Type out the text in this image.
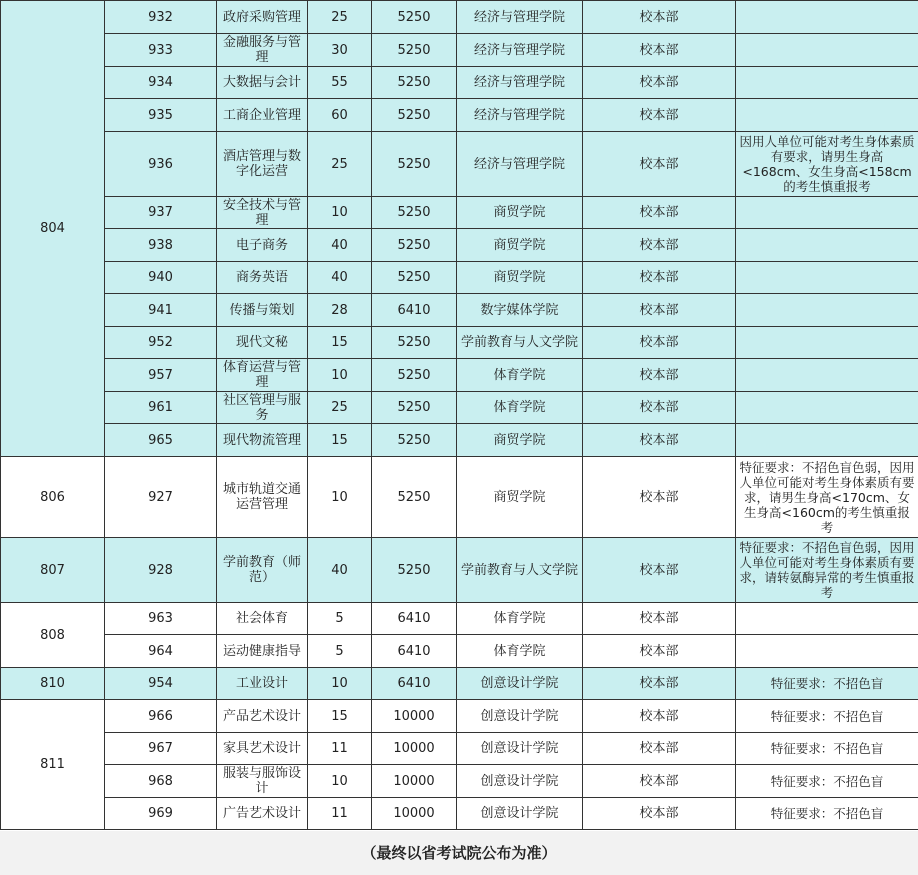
804	932	政府采购管理	25	5250	经济与管理学院	校本部	
	933	金融服务与管理	30	5250	经济与管理学院	校本部	
	934	大数据与会计	55	5250	经济与管理学院	校本部	
	935	工商企业管理	60	5250	经济与管理学院	校本部	
	936	酒店管理与数字化运营	25	5250	经济与管理学院	校本部	因用人单位可能对考生身体素质有要求，请男生身高<168cm、女生身高<158cm的考生慎重报考
	937	安全技术与管理	10	5250	商贸学院	校本部	
	938	电子商务	40	5250	商贸学院	校本部	
	940	商务英语	40	5250	商贸学院	校本部	
	941	传播与策划	28	6410	数字媒体学院	校本部	
	952	现代文秘	15	5250	学前教育与人文学院	校本部	
	957	体育运营与管理	10	5250	体育学院	校本部	
	961	社区管理与服务	25	5250	体育学院	校本部	
	965	现代物流管理	15	5250	商贸学院	校本部	
806	927	城市轨道交通运营管理	10	5250	商贸学院	校本部	特征要求：不招色盲色弱，因用人单位可能对考生身体素质有要求，请男生身高<170cm、女生身高<160cm的考生慎重报考
807	928	学前教育（师范）	40	5250	学前教育与人文学院	校本部	特征要求：不招色盲色弱，因用人单位可能对考生身体素质有要求，请转氨酶异常的考生慎重报考
808	963	社会体育	5	6410	体育学院	校本部	
	964	运动健康指导	5	6410	体育学院	校本部	
810	954	工业设计	10	6410	创意设计学院	校本部	特征要求：不招色盲
811	966	产品艺术设计	15	10000	创意设计学院	校本部	特征要求：不招色盲
	967	家具艺术设计	11	10000	创意设计学院	校本部	特征要求：不招色盲
	968	服装与服饰设计	10	10000	创意设计学院	校本部	特征要求：不招色盲
	969	广告艺术设计	11	10000	创意设计学院	校本部	特征要求：不招色盲
（最终以省考试院公布为准）
